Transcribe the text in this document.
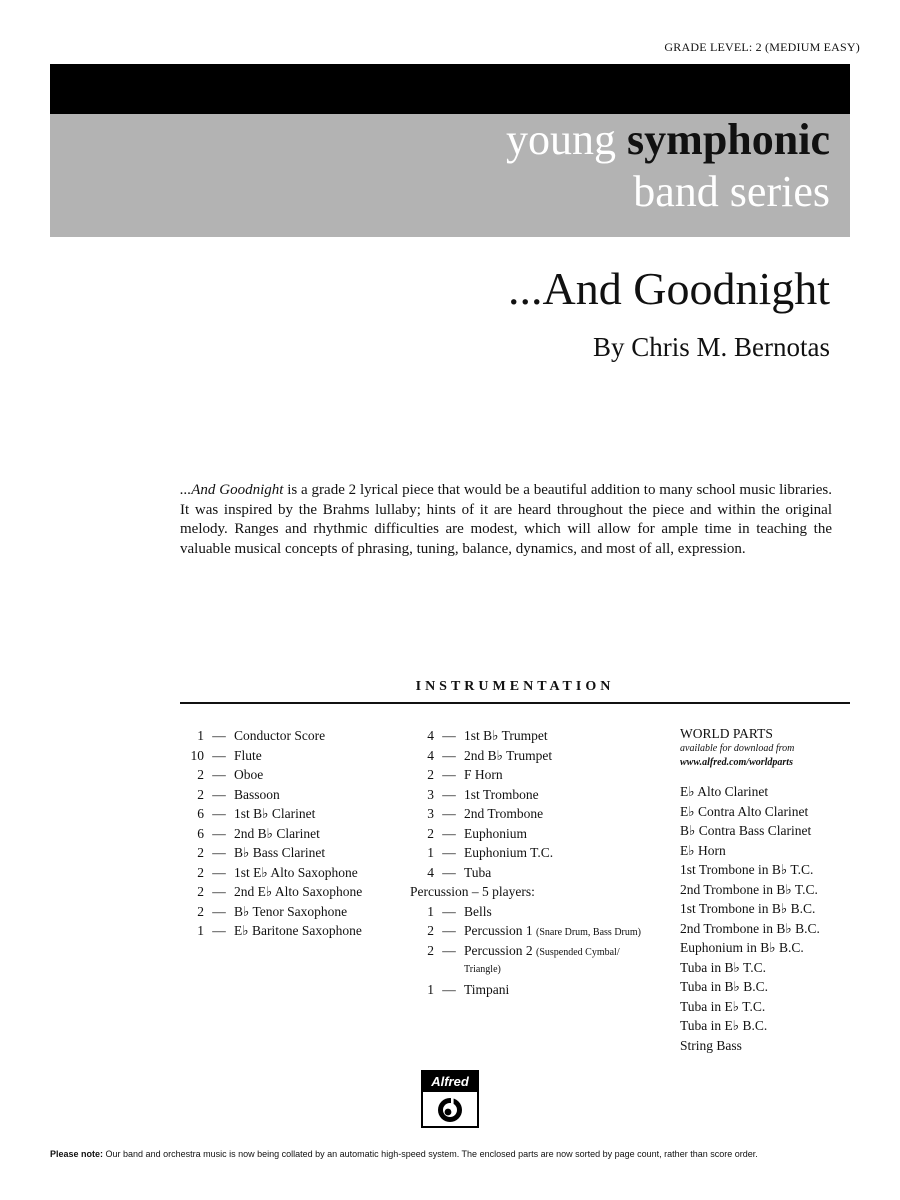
GRADE LEVEL: 2 (MEDIUM EASY)
young symphonic
band series
...And Goodnight
By Chris M. Bernotas
...And Goodnight is a grade 2 lyrical piece that would be a beautiful addition to many school music libraries. It was inspired by the Brahms lullaby; hints of it are heard throughout the piece and within the original melody. Ranges and rhythmic difficulties are modest, which will allow for ample time in teaching the valuable musical concepts of phrasing, tuning, balance, dynamics, and most of all, expression.
INSTRUMENTATION
1 — Conductor Score
10 — Flute
2 — Oboe
2 — Bassoon
6 — 1st B♭ Clarinet
6 — 2nd B♭ Clarinet
2 — B♭ Bass Clarinet
2 — 1st E♭ Alto Saxophone
2 — 2nd E♭ Alto Saxophone
2 — B♭ Tenor Saxophone
1 — E♭ Baritone Saxophone
4 — 1st B♭ Trumpet
4 — 2nd B♭ Trumpet
2 — F Horn
3 — 1st Trombone
3 — 2nd Trombone
2 — Euphonium
1 — Euphonium T.C.
4 — Tuba
Percussion – 5 players:
1 — Bells
2 — Percussion 1 (Snare Drum, Bass Drum)
2 — Percussion 2 (Suspended Cymbal/
Triangle)
1 — Timpani
WORLD PARTS
available for download from
www.alfred.com/worldparts
E♭ Alto Clarinet
E♭ Contra Alto Clarinet
B♭ Contra Bass Clarinet
E♭ Horn
1st Trombone in B♭ T.C.
2nd Trombone in B♭ T.C.
1st Trombone in B♭ B.C.
2nd Trombone in B♭ B.C.
Euphonium in B♭ B.C.
Tuba in B♭ T.C.
Tuba in B♭ B.C.
Tuba in E♭ T.C.
Tuba in E♭ B.C.
String Bass
Alfred
Please note: Our band and orchestra music is now being collated by an automatic high-speed system. The enclosed parts are now sorted by page count, rather than score order.
